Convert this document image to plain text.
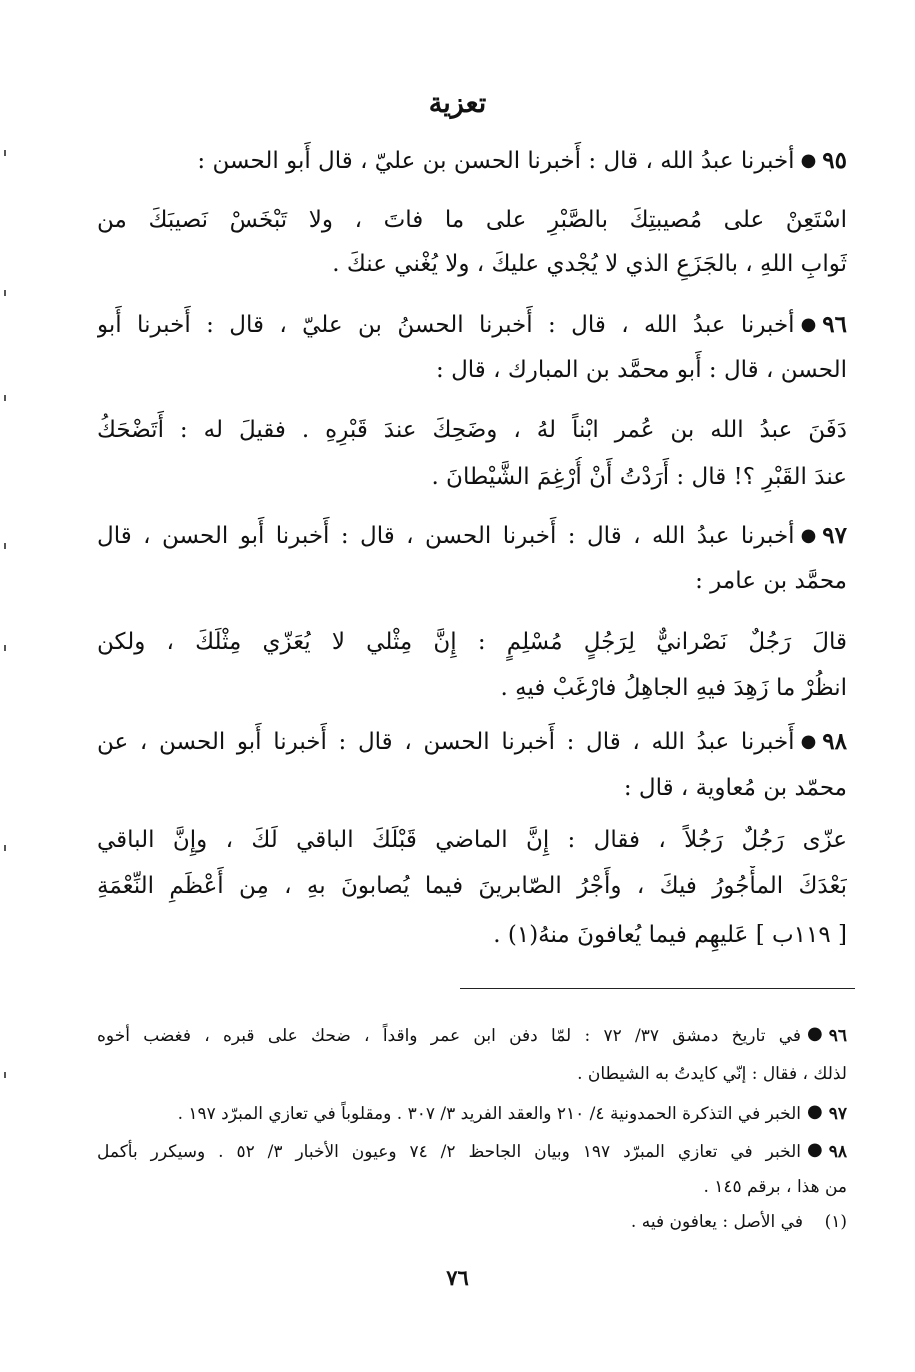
تعزية
٩٥●أخبرنا عبدُ الله ، قال : أَخبرنا الحسن بن عليّ ، قال أَبو الحسن :
اسْتَعِنْ على مُصيبتِكَ بالصَّبْرِ على ما فاتَ ، ولا تَبْخَسْ نَصيبَكَ من
ثَوابِ اللهِ ، بالجَزَعِ الذي لا يُجْدي عليكَ ، ولا يُغْني عنكَ .
٩٦●أخبرنا عبدُ الله ، قال : أَخبرنا الحسنُ بن عليّ ، قال : أَخبرنا أَبو
الحسن ، قال : أَبو محمَّد بن المبارك ، قال :
دَفَنَ عبدُ الله بن عُمر ابْناً لهُ ، وضَحِكَ عندَ قَبْرِهِ . فقيلَ له : أَتَضْحَكُ
عندَ القَبْرِ ؟! قال : أَرَدْتُ أَنْ أُرْغِمَ الشَّيْطانَ .
٩٧●أخبرنا عبدُ الله ، قال : أَخبرنا الحسن ، قال : أَخبرنا أَبو الحسن ، قال
محمَّد بن عامر :
قالَ رَجُلٌ نَصْرانيٌّ لِرَجُلٍ مُسْلِمٍ : إِنَّ مِثْلي لا يُعَزّي مِثْلَكَ ، ولكن
انظُرْ ما زَهِدَ فيهِ الجاهِلُ فارْغَبْ فيهِ .
٩٨●أَخبرنا عبدُ الله ، قال : أَخبرنا الحسن ، قال : أَخبرنا أَبو الحسن ، عن
محمّد بن مُعاوية ، قال :
عزّى رَجُلٌ رَجُلاً ، فقال : إِنَّ الماضي قَبْلَكَ الباقي لَكَ ، وإِنَّ الباقي
بَعْدَكَ المأْجُورُ فيكَ ، وأَجْرُ الصّابرينَ فيما يُصابونَ بهِ ، مِن أَعْظَمِ النِّعْمَةِ
[ ١١٩ب ] عَليهِم فيما يُعافونَ منهُ(١) .
٩٦●في تاريخ دمشق ٣٧/ ٧٢ : لمّا دفن ابن عمر واقداً ، ضحك على قبره ، فغضب أخوه
لذلك ، فقال : إنّي كايدتُ به الشيطان .
٩٧●الخبر في التذكرة الحمدونية ٤/ ٢١٠ والعقد الفريد ٣/ ٣٠٧ . ومقلوباً في تعازي المبرّد ١٩٧ .
٩٨●الخبر في تعازي المبرّد ١٩٧ وبيان الجاحظ ٢/ ٧٤ وعيون الأخبار ٣/ ٥٢ . وسيكرر بأكمل
من هذا ، برقم ١٤٥ .
(١)    في الأصل : يعافون فيه .
٧٦
